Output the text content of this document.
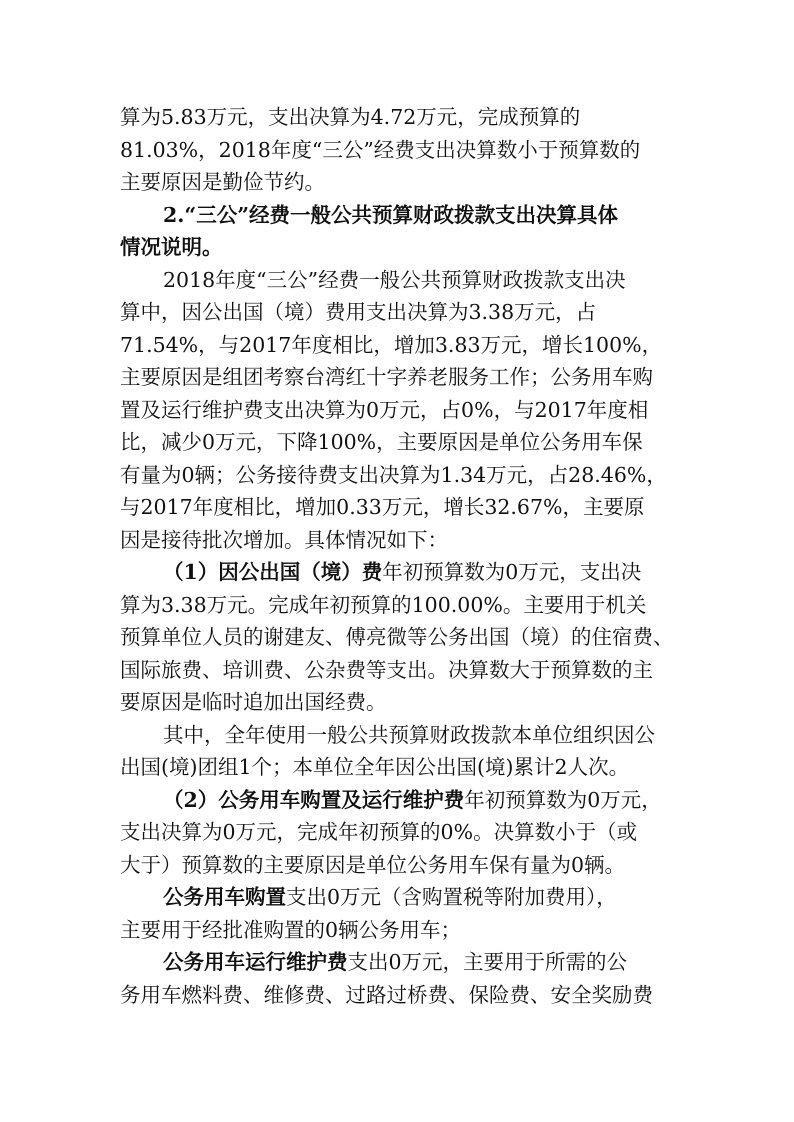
算为5.83万元，支出决算为4.72万元，完成预算的
81.03%，2018年度“三公”经费支出决算数小于预算数的
主要原因是勤俭节约。
2.“三公”经费一般公共预算财政拨款支出决算具体
情况说明。
2018年度“三公”经费一般公共预算财政拨款支出决
算中，因公出国（境）费用支出决算为3.38万元，占
71.54%，与2017年度相比，增加3.83万元，增长100%，
主要原因是组团考察台湾红十字养老服务工作；公务用车购
置及运行维护费支出决算为0万元，占0%，与2017年度相
比，减少0万元，下降100%，主要原因是单位公务用车保
有量为0辆；公务接待费支出决算为1.34万元，占28.46%，
与2017年度相比，增加0.33万元，增长32.67%，主要原
因是接待批次增加。具体情况如下：
（1）因公出国（境）费年初预算数为0万元，支出决
算为3.38万元。完成年初预算的100.00%。主要用于机关
预算单位人员的谢建友、傅亮微等公务出国（境）的住宿费、
国际旅费、培训费、公杂费等支出。决算数大于预算数的主
要原因是临时追加出国经费。
其中，全年使用一般公共预算财政拨款本单位组织因公
出国(境)团组1个；本单位全年因公出国(境)累计2人次。
（2）公务用车购置及运行维护费年初预算数为0万元，
支出决算为0万元，完成年初预算的0%。决算数小于（或
大于）预算数的主要原因是单位公务用车保有量为0辆。
公务用车购置支出0万元（含购置税等附加费用），
主要用于经批准购置的0辆公务用车；
公务用车运行维护费支出0万元，主要用于所需的公
务用车燃料费、维修费、过路过桥费、保险费、安全奖励费
